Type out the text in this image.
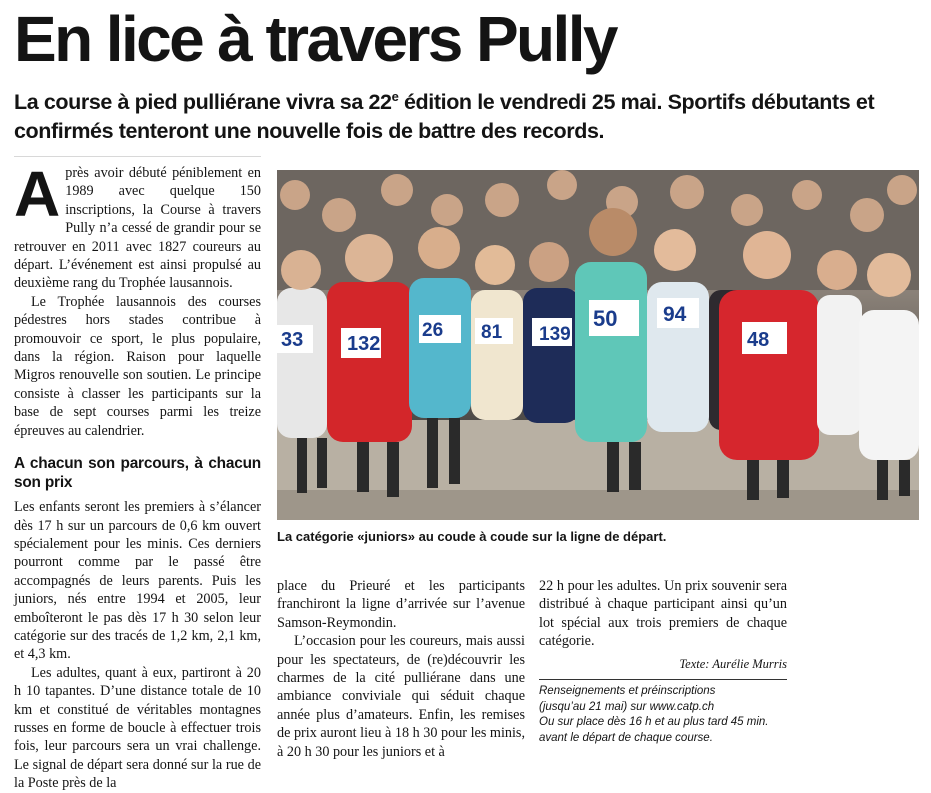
En lice à travers Pully

La course à pied pulliérane vivra sa 22e édition le vendredi 25 mai. Sportifs débutants et confirmés tenteront une nouvelle fois de battre des records.

Après avoir débuté péniblement en 1989 avec quelque 150 inscriptions, la Course à travers Pully n’a cessé de grandir pour se retrouver en 2011 avec 1827 coureurs au départ. L’événement est ainsi propulsé au deuxième rang du Trophée lausannois.

Le Trophée lausannois des courses pédestres hors stades contribue à promouvoir ce sport, le plus populaire, dans la région. Raison pour laquelle Migros renouvelle son soutien. Le principe consiste à classer les participants sur la base de sept courses parmi les treize épreuves au calendrier.

A chacun son parcours, à chacun son prix

Les enfants seront les premiers à s’élancer dès 17 h sur un parcours de 0,6 km ouvert spécialement pour les minis. Ces derniers pourront comme par le passé être accompagnés de leurs parents. Puis les juniors, nés entre 1994 et 2005, leur emboîteront le pas dès 17 h 30 selon leur catégorie sur des tracés de 1,2 km, 2,1 km, et 4,3 km.

Les adultes, quant à eux, partiront à 20 h 10 tapantes. D’une distance totale de 10 km et constitué de véritables montagnes russes en forme de boucle à effectuer trois fois, leur parcours sera un vrai challenge. Le signal de départ sera donné sur la rue de la Poste près de la

33 132
26 81 139
50 94
48

La catégorie «juniors» au coude à coude sur la ligne de départ.

place du Prieuré et les participants franchiront la ligne d’arrivée sur l’avenue Samson-Reymondin.

L’occasion pour les coureurs, mais aussi pour les spectateurs, de (re)découvrir les charmes de la cité pulliérane dans une ambiance conviviale qui séduit chaque année plus d’amateurs. Enfin, les remises de prix auront lieu à 18 h 30 pour les minis, à 20 h 30 pour les juniors et à

22 h pour les adultes. Un prix souvenir sera distribué à chaque participant ainsi qu’un lot spécial aux trois premiers de chaque catégorie.

Texte: Aurélie Murris
Renseignements et préinscriptions
(jusqu’au 21 mai) sur www.catp.ch
Ou sur place dès 16 h et au plus tard 45 min.
avant le départ de chaque course.
